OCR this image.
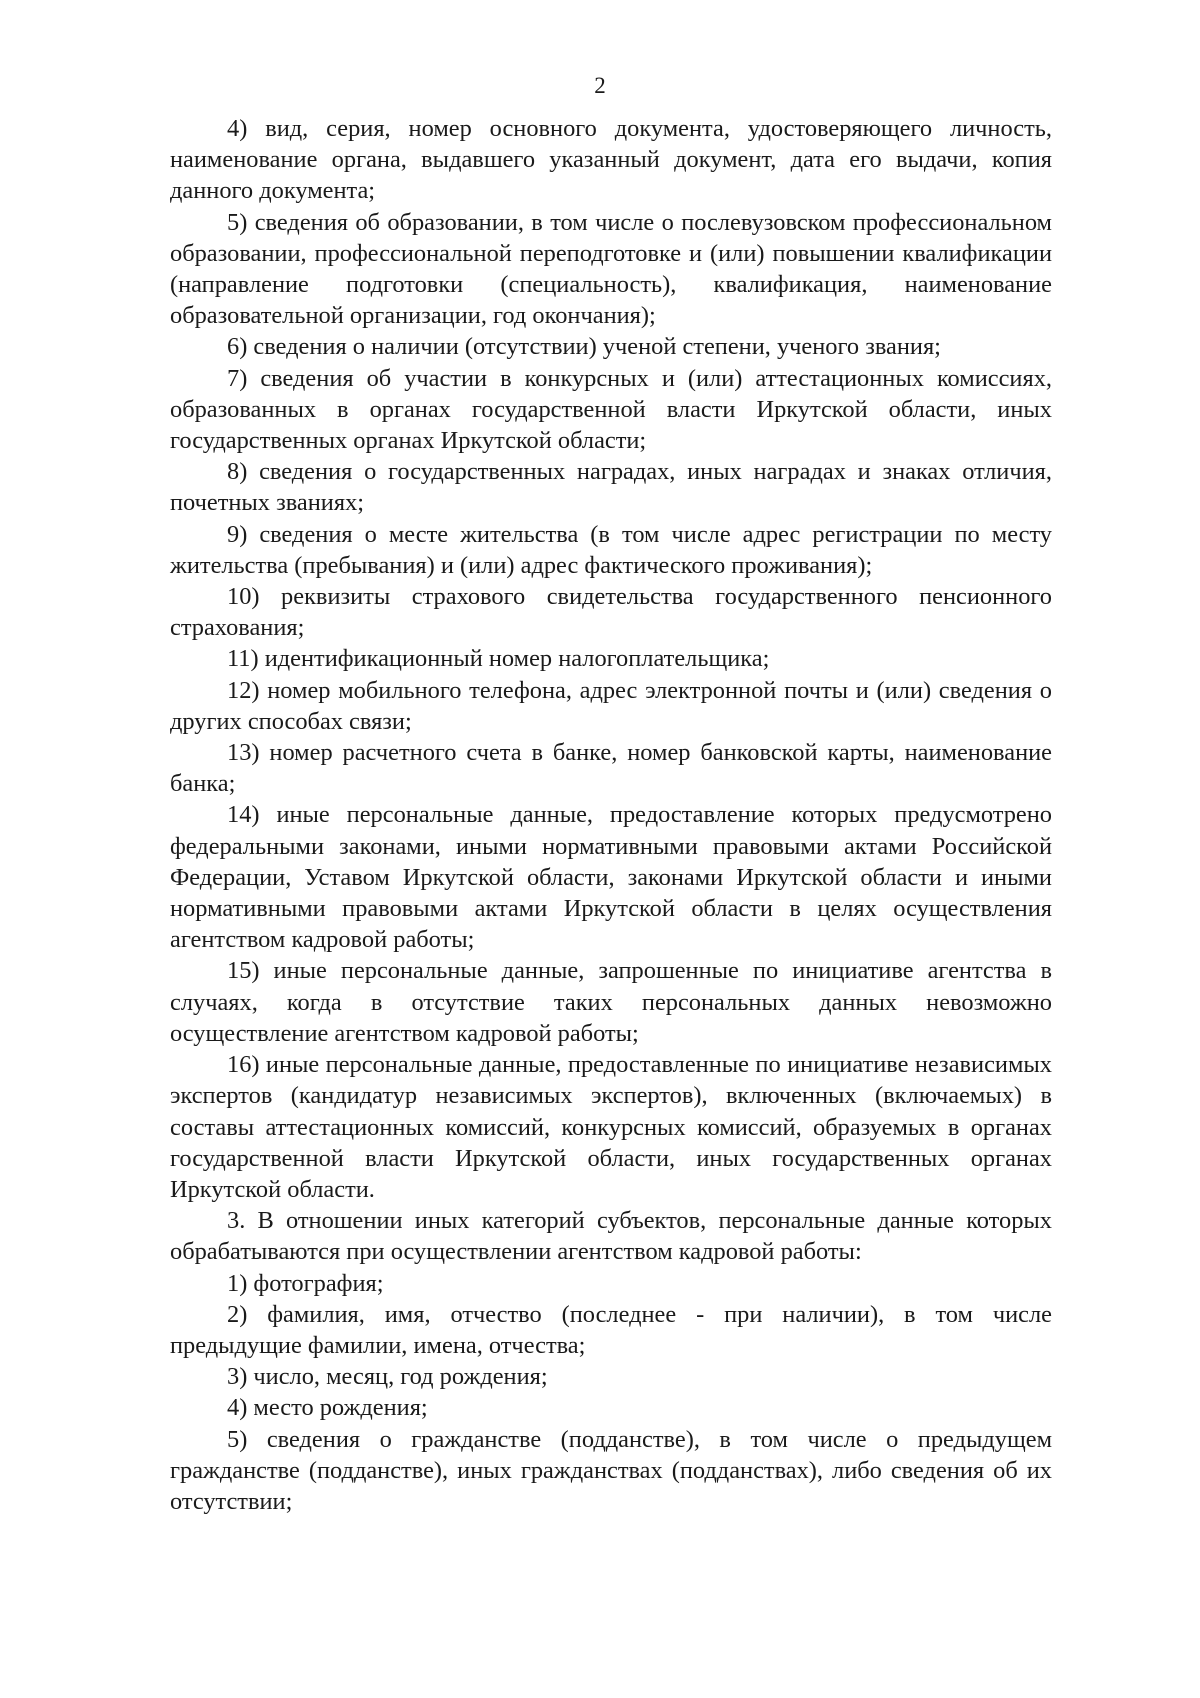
2

4) вид, серия, номер основного документа, удостоверяющего личность, наименование органа, выдавшего указанный документ, дата его выдачи, копия данного документа;

5) сведения об образовании, в том числе о послевузовском профессиональном образовании, профессиональной переподготовке и (или) повышении квалификации (направление подготовки (специальность), квалификация, наименование образовательной организации, год окончания);

6) сведения о наличии (отсутствии) ученой степени, ученого звания;

7) сведения об участии в конкурсных и (или) аттестационных комиссиях, образованных в органах государственной власти Иркутской области, иных государственных органах Иркутской области;

8) сведения о государственных наградах, иных наградах и знаках отличия, почетных званиях;

9) сведения о месте жительства (в том числе адрес регистрации по месту жительства (пребывания) и (или) адрес фактического проживания);

10) реквизиты страхового свидетельства государственного пенсионного страхования;

11) идентификационный номер налогоплательщика;

12) номер мобильного телефона, адрес электронной почты и (или) сведения о других способах связи;

13) номер расчетного счета в банке, номер банковской карты, наименование банка;

14) иные персональные данные, предоставление которых предусмотрено федеральными законами, иными нормативными правовыми актами Российской Федерации, Уставом Иркутской области, законами Иркутской области и иными нормативными правовыми актами Иркутской области в целях осуществления агентством кадровой работы;

15) иные персональные данные, запрошенные по инициативе агентства в случаях, когда в отсутствие таких персональных данных невозможно осуществление агентством кадровой работы;

16) иные персональные данные, предоставленные по инициативе независимых экспертов (кандидатур независимых экспертов), включенных (включаемых) в составы аттестационных комиссий, конкурсных комиссий, образуемых в органах государственной власти Иркутской области, иных государственных органах Иркутской области.

3. В отношении иных категорий субъектов, персональные данные которых обрабатываются при осуществлении агентством кадровой работы:

1) фотография;

2) фамилия, имя, отчество (последнее - при наличии), в том числе предыдущие фамилии, имена, отчества;

3) число, месяц, год рождения;

4) место рождения;

5) сведения о гражданстве (подданстве), в том числе о предыдущем гражданстве (подданстве), иных гражданствах (подданствах), либо сведения об их отсутствии;
